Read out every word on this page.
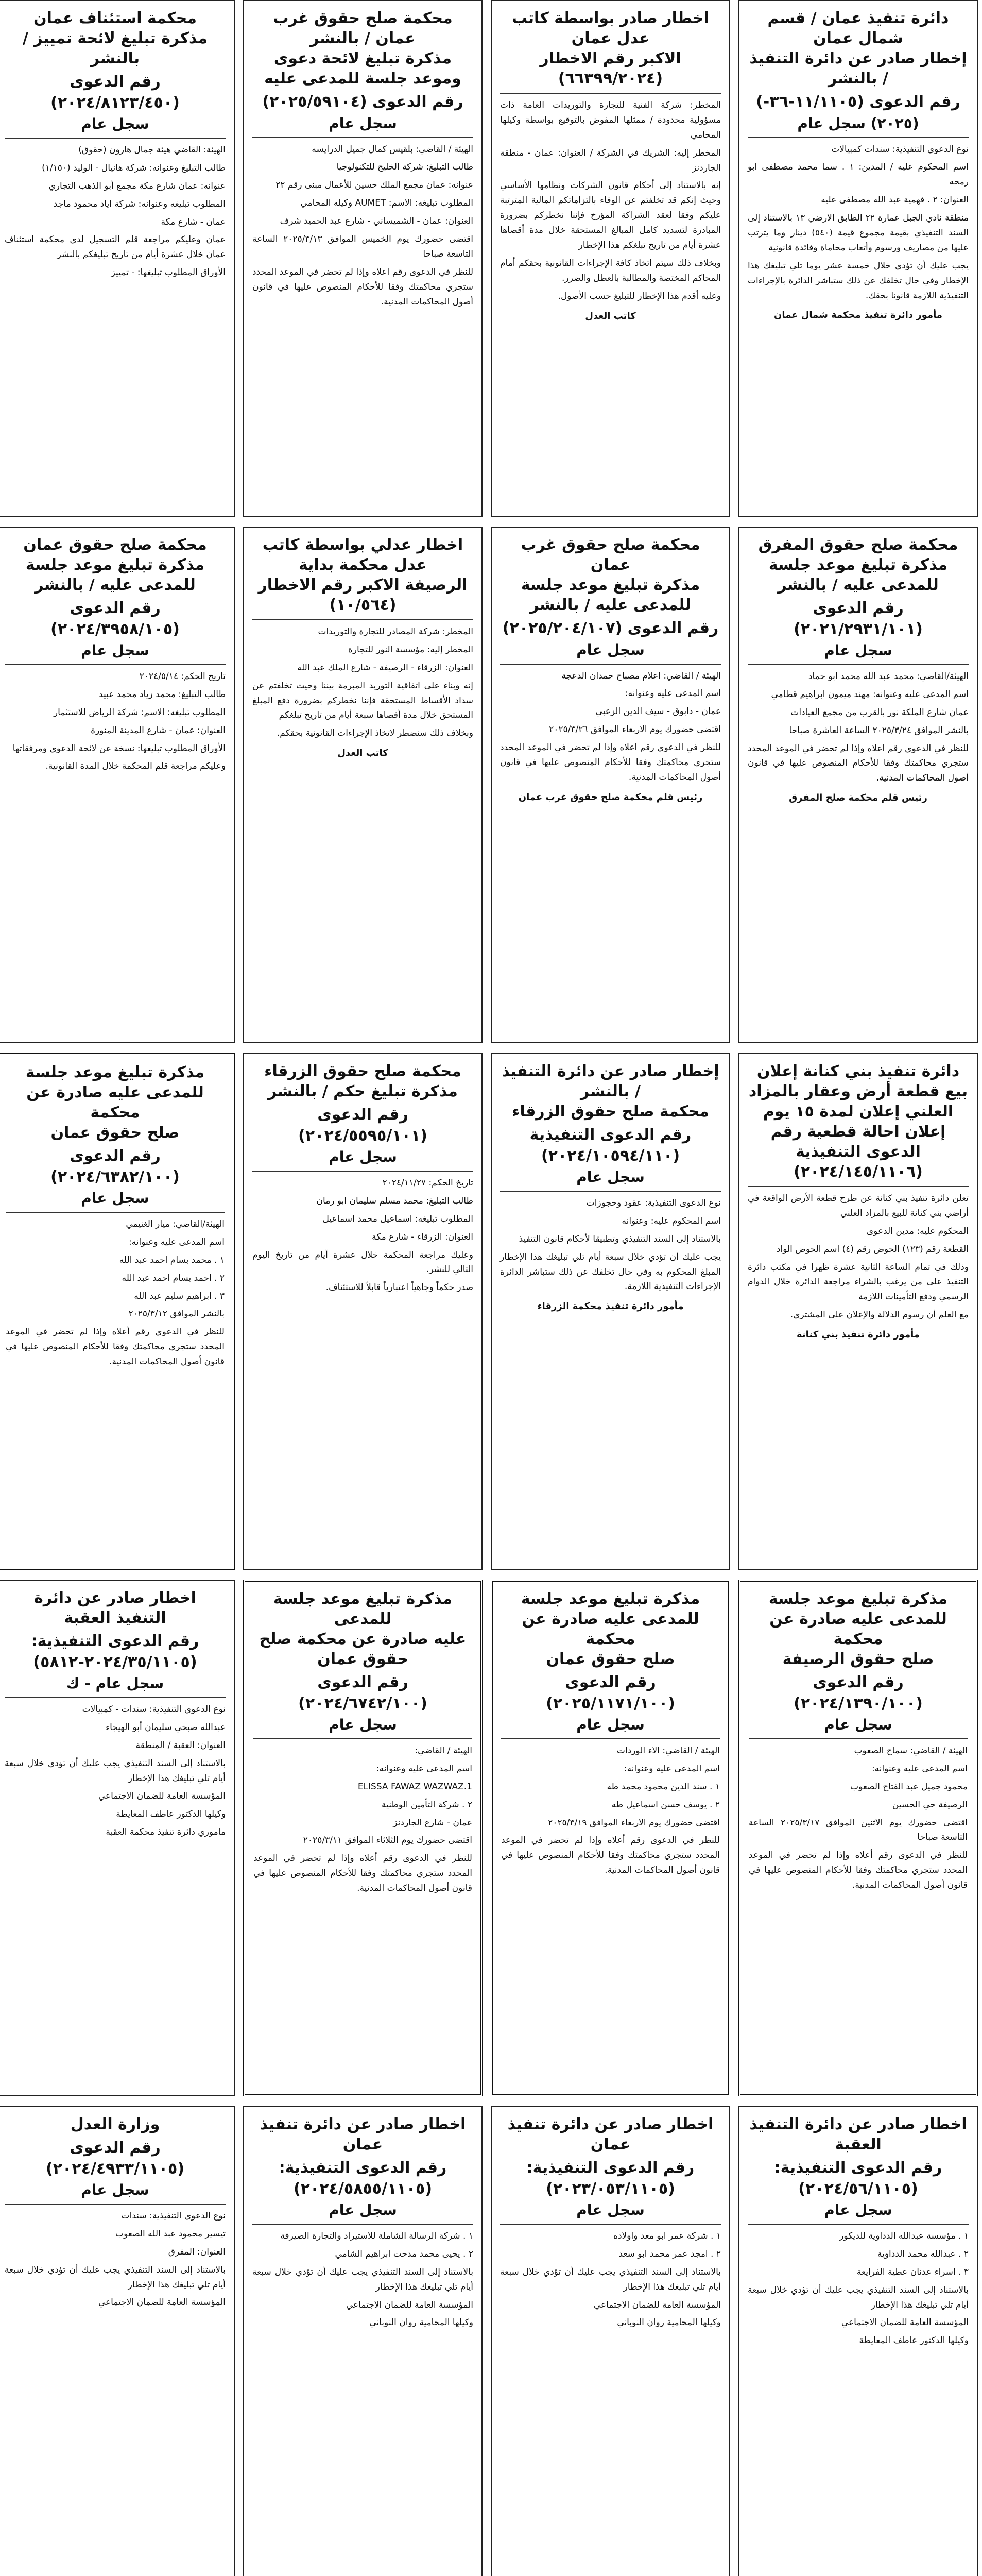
دائرة تنفيذ عمان / قسم شمال عمان
إخطار صادر عن دائرة التنفيذ / بالنشر
رقم الدعوى (١١/١١٠٥-٣٦-)
(٢٠٢٥) سجل عام

نوع الدعوى التنفيذية: سندات كمبيالات

اسم المحكوم عليه / المدين: ١ . سما محمد مصطفى ابو رمحه

العنوان: ٢ . فهمية عبد الله مصطفى عليه

منطقة نادي الجبل عمارة ٢٢ الطابق الارضي ١٣ بالاستناد إلى السند التنفيذي بقيمة مجموع قيمة (٥٤٠) دينار وما يترتب عليها من مصاريف ورسوم وأتعاب محاماة وفائدة قانونية

يجب عليك أن تؤدي خلال خمسة عشر يوما تلي تبليغك هذا الإخطار وفي حال تخلفك عن ذلك ستباشر الدائرة بالإجراءات التنفيذية اللازمة قانونا بحقك.

مأمور دائرة تنفيذ محكمة شمال عمان
اخطار صادر بواسطة كاتب عدل عمان
الاكبر رقم الاخطار (٦٦٣٩٩/٢٠٢٤)

المخطر: شركة الفنية للتجارة والتوريدات العامة ذات مسؤولية محدودة / ممثلها المفوض بالتوقيع بواسطة وكيلها المحامي

المخطر إليه: الشريك في الشركة / العنوان: عمان - منطقة الجاردنز

إنه بالاستناد إلى أحكام قانون الشركات ونظامها الأساسي وحيث إنكم قد تخلفتم عن الوفاء بالتزاماتكم المالية المترتبة عليكم وفقا لعقد الشراكة المؤرخ فإننا نخطركم بضرورة المبادرة لتسديد كامل المبالغ المستحقة خلال مدة أقصاها عشرة أيام من تاريخ تبلغكم هذا الإخطار

وبخلاف ذلك سيتم اتخاذ كافة الإجراءات القانونية بحقكم أمام المحاكم المختصة والمطالبة بالعطل والضرر.

وعليه أقدم هذا الإخطار للتبليغ حسب الأصول.

كاتب العدل
محكمة صلح حقوق غرب عمان / بالنشر
مذكرة تبليغ لائحة دعوى وموعد جلسة للمدعى عليه
رقم الدعوى (٢٠٢٥/٥٩١٠٤)
سجل عام

الهيئة / القاضي: بلقيس كمال جميل الدرايسه

طالب التبليغ: شركة الخليج للتكنولوجيا

عنوانه: عمان مجمع الملك حسين للأعمال مبنى رقم ٢٢

المطلوب تبليغه: الاسم: AUMET وكيله المحامي

العنوان: عمان - الشميساني - شارع عبد الحميد شرف

اقتضى حضورك يوم الخميس الموافق ٢٠٢٥/٣/١٣ الساعة التاسعة صباحا

للنظر في الدعوى رقم اعلاه وإذا لم تحضر في الموعد المحدد ستجري محاكمتك وفقا للأحكام المنصوص عليها في قانون أصول المحاكمات المدنية.

محكمة استئناف عمان
مذكرة تبليغ لائحة تمييز / بالنشر
رقم الدعوى (٢٠٢٤/٨١٢٣/٤٥٠)
سجل عام

الهيئة: القاضي هيئة جمال هارون (حقوق)

طالب التبليغ وعنوانه: شركة هانيال - الوليد (١/١٥٠)

عنوانه: عمان شارع مكة مجمع أبو الذهب التجاري

المطلوب تبليغه وعنوانه: شركة اياد محمود ماجد

عمان - شارع مكة

عمان وعليكم مراجعة قلم التسجيل لدى محكمة استئناف عمان خلال عشرة أيام من تاريخ تبليغكم بالنشر

الأوراق المطلوب تبليغها: - تمييز

محكمة صلح حقوق المفرق
مذكرة تبليغ موعد جلسة للمدعى عليه / بالنشر
رقم الدعوى (٢٠٢١/٢٩٣١/١٠١)
سجل عام

الهيئة/القاضي: محمد عبد الله محمد ابو حماد

اسم المدعى عليه وعنوانه: مهند ميمون ابراهيم قطامي

عمان شارع الملكة نور بالقرب من مجمع العيادات

بالنشر الموافق ٢٠٢٥/٣/٢٤ الساعة العاشرة صباحا

للنظر في الدعوى رقم اعلاه وإذا لم تحضر في الموعد المحدد ستجري محاكمتك وفقا للأحكام المنصوص عليها في قانون أصول المحاكمات المدنية.

رئيس قلم محكمة صلح المفرق
محكمة صلح حقوق غرب عمان
مذكرة تبليغ موعد جلسة للمدعى عليه / بالنشر
رقم الدعوى (٢٠٢٥/٢٠٤/١٠٧)
سجل عام

الهيئة / القاضي: اعلام مصباح حمدان الدعجة

اسم المدعى عليه وعنوانه:

عمان - دابوق - سيف الدين الزعبي

اقتضى حضورك يوم الاربعاء الموافق ٢٠٢٥/٣/٢٦

للنظر في الدعوى رقم اعلاه وإذا لم تحضر في الموعد المحدد ستجري محاكمتك وفقا للأحكام المنصوص عليها في قانون أصول المحاكمات المدنية.

رئيس قلم محكمة صلح حقوق غرب عمان
اخطار عدلي بواسطة كاتب عدل محكمة بداية
الرصيفة الاكبر رقم الاخطار (١٠/٥٦٤)

المخطر: شركة المصادر للتجارة والتوريدات

المخطر إليه: مؤسسة النور للتجارة

العنوان: الزرقاء - الرصيفة - شارع الملك عبد الله

إنه وبناء على اتفاقية التوريد المبرمة بيننا وحيث تخلفتم عن سداد الأقساط المستحقة فإننا نخطركم بضرورة دفع المبلغ المستحق خلال مدة أقصاها سبعة أيام من تاريخ تبلغكم

وبخلاف ذلك سنضطر لاتخاذ الإجراءات القانونية بحقكم.

كاتب العدل
محكمة صلح حقوق عمان
مذكرة تبليغ موعد جلسة للمدعى عليه / بالنشر
رقم الدعوى (٢٠٢٤/٣٩٥٨/١٠٥)
سجل عام

تاريخ الحكم: ٢٠٢٤/٥/١٤

طالب التبليغ: محمد زياد محمد عبيد

المطلوب تبليغه: الاسم: شركة الرياض للاستثمار

العنوان: عمان - شارع المدينة المنورة

الأوراق المطلوب تبليغها: نسخة عن لائحة الدعوى ومرفقاتها

وعليكم مراجعة قلم المحكمة خلال المدة القانونية.

دائرة تنفيذ بني كنانة إعلان بيع قطعة أرض وعقار بالمزاد العلني إعلان لمدة ١٥ يوم
إعلان احالة قطعية رقم الدعوى التنفيذية (٢٠٢٤/١٤٥/١١٠٦)

تعلن دائرة تنفيذ بني كنانة عن طرح قطعة الأرض الواقعة في أراضي بني كنانة للبيع بالمزاد العلني

المحكوم عليه: مدين الدعوى

القطعة رقم (١٢٣) الحوض رقم (٤) اسم الحوض الواد

وذلك في تمام الساعة الثانية عشرة ظهرا في مكتب دائرة التنفيذ على من يرغب بالشراء مراجعة الدائرة خلال الدوام الرسمي ودفع التأمينات اللازمة

مع العلم أن رسوم الدلالة والإعلان على المشتري.

مأمور دائرة تنفيذ بني كنانة
إخطار صادر عن دائرة التنفيذ / بالنشر
محكمة صلح حقوق الزرقاء
رقم الدعوى التنفيذية (٢٠٢٤/١٠٥٩٤/١١٠)
سجل عام

نوع الدعوى التنفيذية: عقود وحجوزات

اسم المحكوم عليه: وعنوانه

بالاستناد إلى السند التنفيذي وتطبيقا لأحكام قانون التنفيذ

يجب عليك أن تؤدي خلال سبعة أيام تلي تبليغك هذا الإخطار المبلغ المحكوم به وفي حال تخلفك عن ذلك ستباشر الدائرة الإجراءات التنفيذية اللازمة.

مأمور دائرة تنفيذ محكمة الزرقاء
محكمة صلح حقوق الزرقاء
مذكرة تبليغ حكم / بالنشر
رقم الدعوى (٢٠٢٤/٥٥٩٥/١٠١)
سجل عام

تاريخ الحكم: ٢٠٢٤/١١/٢٧

طالب التبليغ: محمد مسلم سليمان ابو رمان

المطلوب تبليغه: اسماعيل محمد اسماعيل

العنوان: الزرقاء - شارع مكة

وعليك مراجعة المحكمة خلال عشرة أيام من تاريخ اليوم التالي للنشر.

صدر حكماً وجاهياً اعتبارياً قابلاً للاستئناف.

مذكرة تبليغ موعد جلسة
للمدعى عليه صادرة عن محكمة
صلح حقوق عمان
رقم الدعوى (٢٠٢٤/٦٣٨٢/١٠٠)
سجل عام

الهيئة/القاضي: ميار الغنيمي

اسم المدعى عليه وعنوانه:

١ . محمد بسام احمد عبد الله

٢ . احمد بسام احمد عبد الله

٣ . ابراهيم سليم عبد الله

بالنشر الموافق ٢٠٢٥/٣/١٢

للنظر في الدعوى رقم أعلاه وإذا لم تحضر في الموعد المحدد ستجري محاكمتك وفقا للأحكام المنصوص عليها في قانون أصول المحاكمات المدنية.

مذكرة تبليغ موعد جلسة
للمدعى عليه صادرة عن محكمة
صلح حقوق الرصيفة
رقم الدعوى (٢٠٢٤/١٣٩٠/١٠٠)
سجل عام

الهيئة / القاضي: سماح الصعوب

اسم المدعى عليه وعنوانه:

محمود جميل عبد الفتاح الصعوب

الرصيفة حي الحسين

اقتضى حضورك يوم الاثنين الموافق ٢٠٢٥/٣/١٧ الساعة التاسعة صباحا

للنظر في الدعوى رقم أعلاه وإذا لم تحضر في الموعد المحدد ستجري محاكمتك وفقا للأحكام المنصوص عليها في قانون أصول المحاكمات المدنية.

مذكرة تبليغ موعد جلسة
للمدعى عليه صادرة عن محكمة
صلح حقوق عمان
رقم الدعوى (٢٠٢٥/١١٧١/١٠٠)
سجل عام

الهيئة / القاضي: الاء الوردات

اسم المدعى عليه وعنوانه:

١ . سند الدين محمود محمد طه

٢ . يوسف حسن اسماعيل طه

اقتضى حضورك يوم الاربعاء الموافق ٢٠٢٥/٣/١٩

للنظر في الدعوى رقم أعلاه وإذا لم تحضر في الموعد المحدد ستجري محاكمتك وفقا للأحكام المنصوص عليها في قانون أصول المحاكمات المدنية.

مذكرة تبليغ موعد جلسة للمدعى
عليه صادرة عن محكمة صلح
حقوق عمان
رقم الدعوى (٢٠٢٤/٦٧٤٢/١٠٠)
سجل عام

الهيئة / القاضي:

اسم المدعى عليه وعنوانه:

1.ELISSA FAWAZ WAZWAZ

٢ . شركة التأمين الوطنية

عمان - شارع الجاردنز

اقتضى حضورك يوم الثلاثاء الموافق ٢٠٢٥/٣/١١

للنظر في الدعوى رقم أعلاه وإذا لم تحضر في الموعد المحدد ستجري محاكمتك وفقا للأحكام المنصوص عليها في قانون أصول المحاكمات المدنية.

اخطار صادر عن دائرة
التنفيذ العقبة
رقم الدعوى التنفيذية: (٢٠٢٤/٣٥/١١٠٥-٥٨١٢)
سجل عام - ك

نوع الدعوى التنفيذية: سندات - كمبيالات

عبدالله صبحي سليمان أبو الهيجاء

العنوان: العقبة / المنطقة

بالاستناد إلى السند التنفيذي يجب عليك أن تؤدي خلال سبعة أيام تلي تبليغك هذا الإخطار

المؤسسة العامة للضمان الاجتماعي

وكيلها الدكتور عاطف المعايطة

ماموري دائرة تنفيذ محكمة العقبة

اخطار صادر عن دائرة التنفيذ
العقبة
رقم الدعوى التنفيذية: (٢٠٢٤/٥٦/١١٠٥)
سجل عام

١ . مؤسسة عبدالله الدداوية للديكور

٢ . عبدالله محمد الدداوية

٣ . اسراء عدنان عطية الفرايعة

بالاستناد إلى السند التنفيذي يجب عليك أن تؤدي خلال سبعة أيام تلي تبليغك هذا الإخطار

المؤسسة العامة للضمان الاجتماعي

وكيلها الدكتور عاطف المعايطة

اخطار صادر عن دائرة تنفيذ
عمان
رقم الدعوى التنفيذية: (٢٠٢٣/٠٥٣/١١٠٥)
سجل عام

١ . شركة عمر ابو معد واولاده

٢ . امجد عمر محمد ابو سعد

بالاستناد إلى السند التنفيذي يجب عليك أن تؤدي خلال سبعة أيام تلي تبليغك هذا الإخطار

المؤسسة العامة للضمان الاجتماعي

وكيلها المحامية روان النوباني

اخطار صادر عن دائرة تنفيذ
عمان
رقم الدعوى التنفيذية: (٢٠٢٤/٥٨٥٥/١١٠٥)
سجل عام

١ . شركة الرسالة الشاملة للاستيراد والتجارة الصيرفة

٢ . يحيى محمد مدحت ابراهيم الشامي

بالاستناد إلى السند التنفيذي يجب عليك أن تؤدي خلال سبعة أيام تلي تبليغك هذا الإخطار

المؤسسة العامة للضمان الاجتماعي

وكيلها المحامية روان النوباني

وزارة العدل
رقم الدعوى (٢٠٢٤/٤٩٣٣/١١٠٥)
سجل عام

نوع الدعوى التنفيذية: سندات

تيسير محمود عبد الله الصعوب

العنوان: المفرق

بالاستناد إلى السند التنفيذي يجب عليك أن تؤدي خلال سبعة أيام تلي تبليغك هذا الإخطار

المؤسسة العامة للضمان الاجتماعي
